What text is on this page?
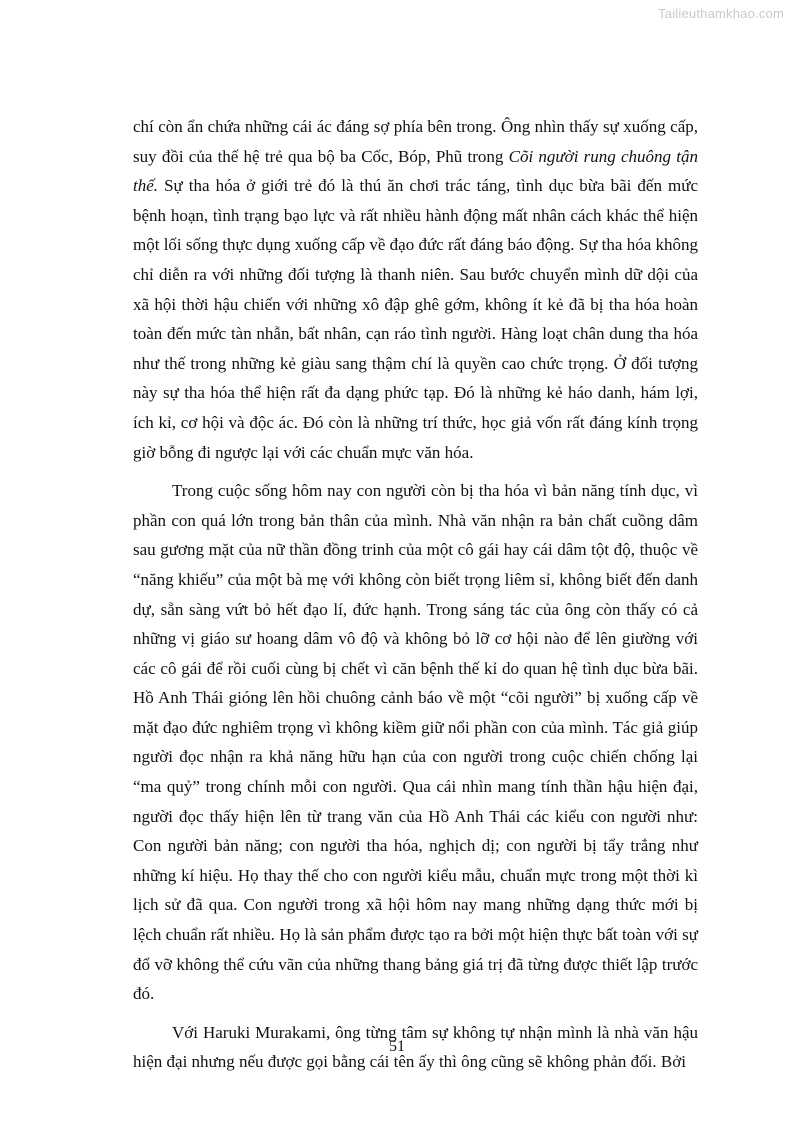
Tailieuthamkhao.com

chí còn ẩn chứa những cái ác đáng sợ phía bên trong. Ông nhìn thấy sự xuống cấp, suy đồi của thế hệ trẻ qua bộ ba Cốc, Bóp, Phũ trong Cõi người rung chuông tận thế. Sự tha hóa ở giới trẻ đó là thú ăn chơi trác táng, tình dục bừa bãi đến mức bệnh hoạn, tình trạng bạo lực và rất nhiều hành động mất nhân cách khác thể hiện một lối sống thực dụng xuống cấp về đạo đức rất đáng báo động. Sự tha hóa không chỉ diễn ra với những đối tượng là thanh niên. Sau bước chuyển mình dữ dội của xã hội thời hậu chiến với những xô đập ghê gớm, không ít kẻ đã bị tha hóa hoàn toàn đến mức tàn nhẫn, bất nhân, cạn ráo tình người. Hàng loạt chân dung tha hóa như thế trong những kẻ giàu sang thậm chí là quyền cao chức trọng. Ở đối tượng này sự tha hóa thể hiện rất đa dạng phức tạp. Đó là những kẻ háo danh, hám lợi, ích kỉ, cơ hội và độc ác. Đó còn là những trí thức, học giả vốn rất đáng kính trọng giờ bỗng đi ngược lại với các chuẩn mực văn hóa.

Trong cuộc sống hôm nay con người còn bị tha hóa vì bản năng tính dục, vì phần con quá lớn trong bản thân của mình. Nhà văn nhận ra bản chất cuồng dâm sau gương mặt của nữ thần đồng trinh của một cô gái hay cái dâm tột độ, thuộc về “năng khiếu” của một bà mẹ với không còn biết trọng liêm sỉ, không biết đến danh dự, sẵn sàng vứt bỏ hết đạo lí, đức hạnh. Trong sáng tác của ông còn thấy có cả những vị giáo sư hoang dâm vô độ và không bỏ lỡ cơ hội nào để lên giường với các cô gái để rồi cuối cùng bị chết vì căn bệnh thế kỉ do quan hệ tình dục bừa bãi. Hồ Anh Thái gióng lên hồi chuông cảnh báo về một “cõi người” bị xuống cấp về mặt đạo đức nghiêm trọng vì không kiềm giữ nổi phần con của mình. Tác giả giúp người đọc nhận ra khả năng hữu hạn của con người trong cuộc chiến chống lại “ma quỷ” trong chính mỗi con người. Qua cái nhìn mang tính thần hậu hiện đại, người đọc thấy hiện lên từ trang văn của Hồ Anh Thái các kiểu con người như: Con người bản năng; con người tha hóa, nghịch dị; con người bị tẩy trắng như những kí hiệu. Họ thay thế cho con người kiểu mẫu, chuẩn mực trong một thời kì lịch sử đã qua. Con người trong xã hội hôm nay mang những dạng thức mới bị lệch chuẩn rất nhiều. Họ là sản phẩm được tạo ra bởi một hiện thực bất toàn với sự đổ vỡ không thể cứu vãn của những thang bảng giá trị đã từng được thiết lập trước đó.

Với Haruki Murakami, ông từng tâm sự không tự nhận mình là nhà văn hậu hiện đại nhưng nếu được gọi bằng cái tên ấy thì ông cũng sẽ không phản đối. Bởi

51
